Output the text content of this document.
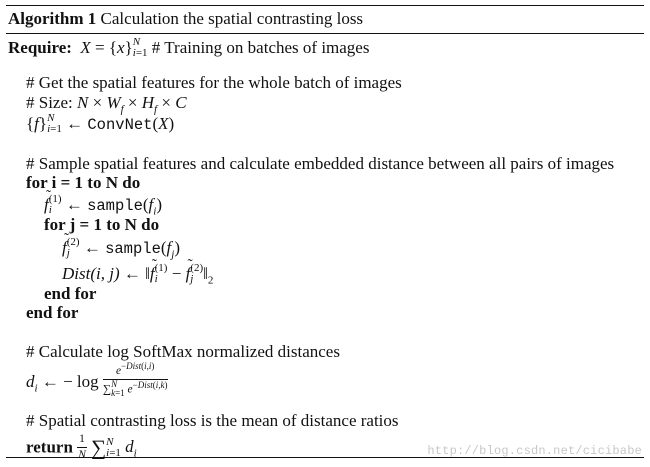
Algorithm 1 Calculation the spatial contrasting loss
Require: X = {x}N
i=1 # Training on batches of images
# Get the spatial features for the whole batch of images
# Size: $N \times W_f \times H_f \times C$
{f}N
i=1 ← ConvNet(X)
# Sample spatial features and calculate embedded distance between all pairs of images
for i = 1 to N do
˜ f(1)
i ← $sample(f_i)$
for j = 1 to N do
˜ f(2)
j ← $sample(f_j)$
Dist(i, j) ← ‖˜ f(1)
i − ˜ f(2)
j $‖_2$
end for
end for
# Calculate log SoftMax normalized distances
$d_i$ ← − log
$e^{-Dist(i,i)}$
∑N
k=1 $e^{-Dist(i,k)}$
# Spatial contrasting loss is the mean of distance ratios
return $\frac{1}{N} \sum N$
i=1 $d_i$	http://blog.csdn.net/cicibabe
